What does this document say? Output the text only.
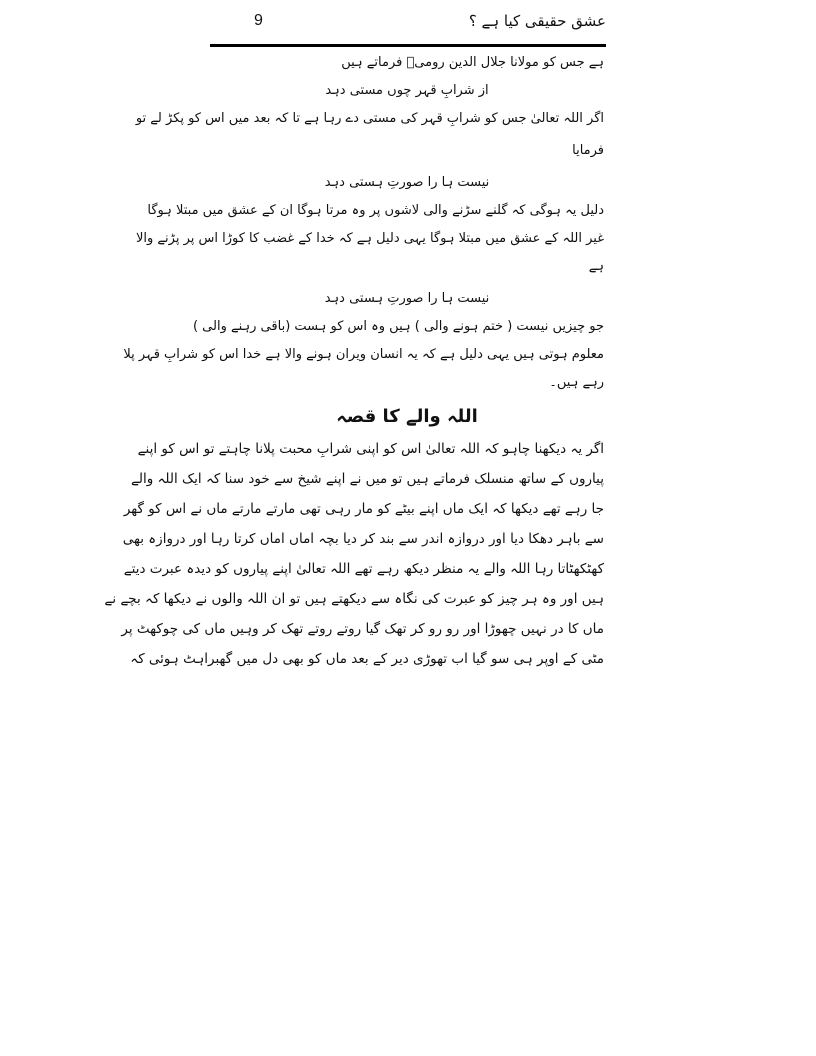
عشق حقیقی کیا ہے ؟
9
ہے جس کو مولانا جلال الدین رومیؒ فرماتے ہیں
از شرابِ قہر چوں مستی دہد
اگر اللہ تعالیٰ جس کو شرابِ قہر کی مستی دے رہا ہے تا کہ بعد میں اس کو پکڑ لے تو
فرمایا
نیست ہا را صورتِ ہستی دہد
دلیل یہ ہوگی کہ گلنے سڑنے والی لاشوں پر وہ مرتا ہوگا ان کے عشق میں مبتلا ہوگا
غیر اللہ کے عشق میں مبتلا ہوگا یہی دلیل ہے کہ خدا کے غضب کا کوڑا اس پر پڑنے والا
ہے
نیست ہا را صورتِ ہستی دہد
جو چیزیں نیست ( ختم ہونے والی ) ہیں وہ اس کو ہست (باقی رہنے والی )
معلوم ہوتی ہیں یہی دلیل ہے کہ یہ انسان ویران ہونے والا ہے خدا اس کو شرابِ قہر پلا
رہے ہیں۔
اللہ والے کا قصہ
اگر یہ دیکھنا چاہو کہ اللہ تعالیٰ اس کو اپنی شرابِ محبت پلانا چاہتے تو اس کو اپنے
پیاروں کے ساتھ منسلک فرماتے ہیں تو میں نے اپنے شیخ سے خود سنا کہ ایک اللہ والے
جا رہے تھے دیکھا کہ ایک ماں اپنے بیٹے کو مار رہی تھی مارتے مارتے ماں نے اس کو گھر
سے باہر دھکا دیا اور دروازہ اندر سے بند کر دیا بچہ اماں اماں کرتا رہا اور دروازہ بھی
کھٹکھٹاتا رہا اللہ والے یہ منظر دیکھ رہے تھے اللہ تعالیٰ اپنے پیاروں کو دیدہ عبرت دیتے
ہیں اور وہ ہر چیز کو عبرت کی نگاہ سے دیکھتے ہیں تو ان اللہ والوں نے دیکھا کہ بچے نے
ماں کا در نہیں چھوڑا اور رو رو کر تھک گیا روتے روتے تھک کر وہیں ماں کی چوکھٹ پر
مٹی کے اوپر ہی سو گیا اب تھوڑی دیر کے بعد ماں کو بھی دل میں گھبراہٹ ہوئی کہ
